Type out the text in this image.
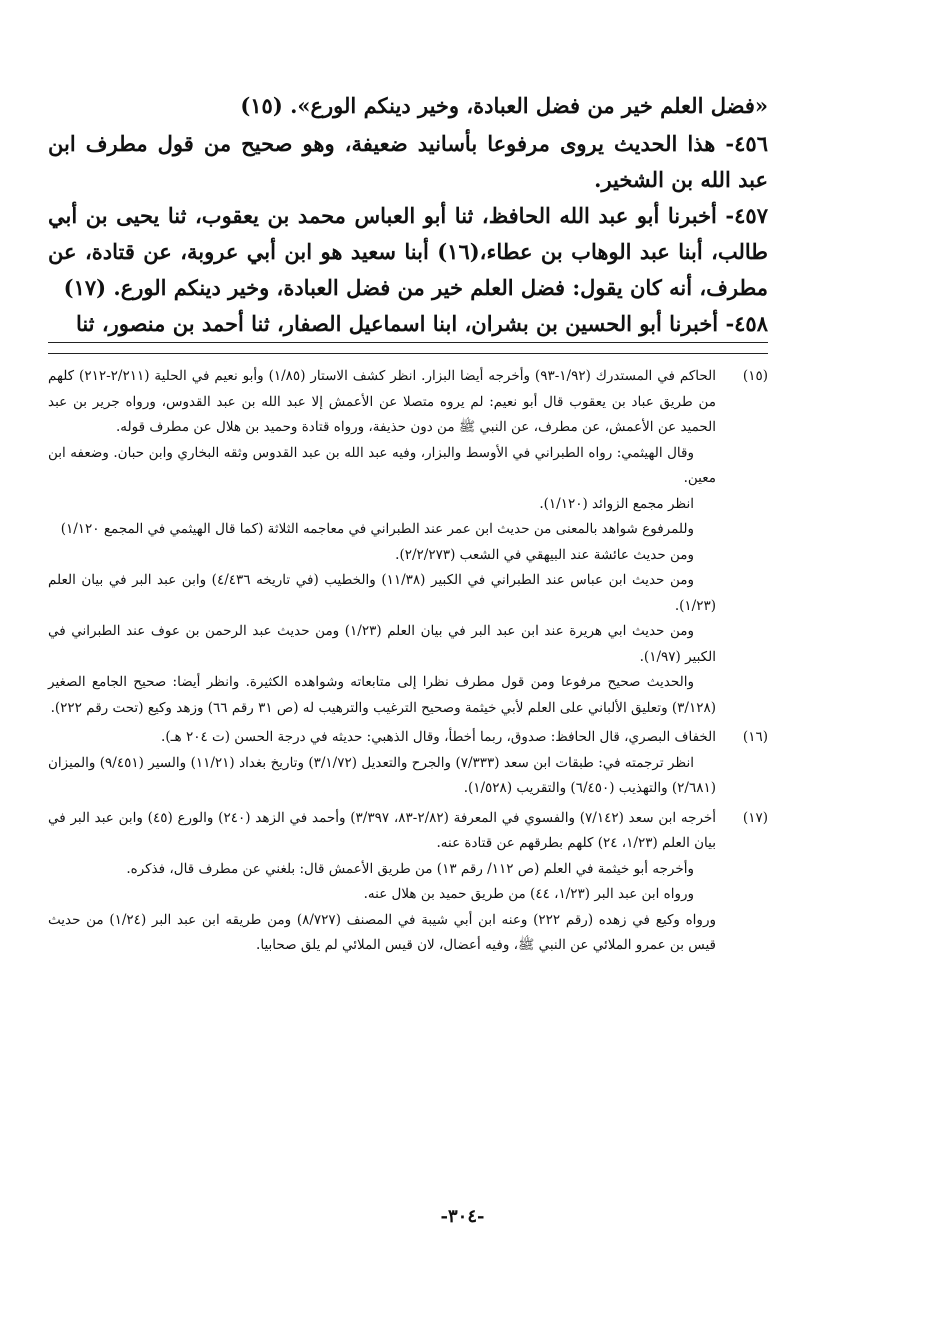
«فضل العلم خير من فضل العبادة، وخير دينكم الورع». (١٥)

٤٥٦- هذا الحديث يروى مرفوعا بأسانيد ضعيفة، وهو صحيح من قول مطرف ابن عبد الله بن الشخير.

٤٥٧- أخبرنا أبو عبد الله الحافظ، ثنا أبو العباس محمد بن يعقوب، ثنا يحيى بن أبي طالب، أبنا عبد الوهاب بن عطاء،(١٦) أبنا سعيد هو ابن أبي عروبة، عن قتادة، عن مطرف، أنه كان يقول: فضل العلم خير من فضل العبادة، وخير دينكم الورع. (١٧)

٤٥٨- أخبرنا أبو الحسين بن بشران، ابنا اسماعيل الصفار، ثنا أحمد بن منصور، ثنا

(١٥)

الحاكم في المستدرك (١/٩٢-٩٣) وأخرجه أيضا البزار. انظر كشف الاستار (١/٨٥) وأبو نعيم في الحلية (٢/٢١١-٢١٢) كلهم من طريق عباد بن يعقوب قال أبو نعيم: لم يروه متصلا عن الأعمش إلا عبد الله بن عبد القدوس، ورواه جرير بن عبد الحميد عن الأعمش، عن مطرف، عن النبي ﷺ من دون حذيفة، ورواه قتادة وحميد بن هلال عن مطرف قوله.

وقال الهيثمي: رواه الطبراني في الأوسط والبزار، وفيه عبد الله بن عبد القدوس وثقه البخاري وابن حبان. وضعفه ابن معين.

انظر مجمع الزوائد (١/١٢٠).

وللمرفوع شواهد بالمعنى من حديث ابن عمر عند الطبراني في معاجمه الثلاثة (كما قال الهيثمي في المجمع ١/١٢٠)

ومن حديث عائشة عند البيهقي في الشعب (٢/٢/٢٧٣).

ومن حديث ابن عباس عند الطبراني في الكبير (١١/٣٨) والخطيب (في تاريخه ٤/٤٣٦) وابن عبد البر في بيان العلم (١/٢٣).

ومن حديث ابي هريرة عند ابن عبد البر في بيان العلم (١/٢٣) ومن حديث عبد الرحمن بن عوف عند الطبراني في الكبير (١/٩٧).

والحديث صحيح مرفوعا ومن قول مطرف نظرا إلى متابعاته وشواهده الكثيرة. وانظر أيضا: صحيح الجامع الصغير (٣/١٢٨) وتعليق الألباني على العلم لأبي خيثمة وصحيح الترغيب والترهيب له (ص ٣١ رقم ٦٦) وزهد وكيع (تحت رقم ٢٢٢).

(١٦)

الخفاف البصري، قال الحافظ: صدوق، ربما أخطأ، وقال الذهبي: حديثه في درجة الحسن (ت ٢٠٤ هـ).

انظر ترجمته في: طبقات ابن سعد (٧/٣٣٣) والجرح والتعديل (٣/١/٧٢) وتاريخ بغداد (١١/٢١) والسير (٩/٤٥١) والميزان (٢/٦٨١) والتهذيب (٦/٤٥٠) والتقريب (١/٥٢٨).

(١٧)

أخرجه ابن سعد (٧/١٤٢) والفسوي في المعرفة (٢/٨٢-٨٣، ٣/٣٩٧) وأحمد في الزهد (٢٤٠) والورع (٤٥) وابن عبد البر في بيان العلم (١/٢٣، ٢٤) كلهم بطرقهم عن قتادة عنه.

وأخرجه أبو خيثمة في العلم (ص ١١٢/ رقم ١٣) من طريق الأعمش قال: بلغني عن مطرف قال، فذكره.

ورواه ابن عبد البر (١/٢٣، ٤٤) من طريق حميد بن هلال عنه.

ورواه وكيع في زهده (رقم ٢٢٢) وعنه ابن أبي شيبة في المصنف (٨/٧٢٧) ومن طريقه ابن عبد البر (١/٢٤) من حديث قيس بن عمرو الملائي عن النبي ﷺ، وفيه أعضال، لان قيس الملائي لم يلق صحابيا.

-٣٠٤-
